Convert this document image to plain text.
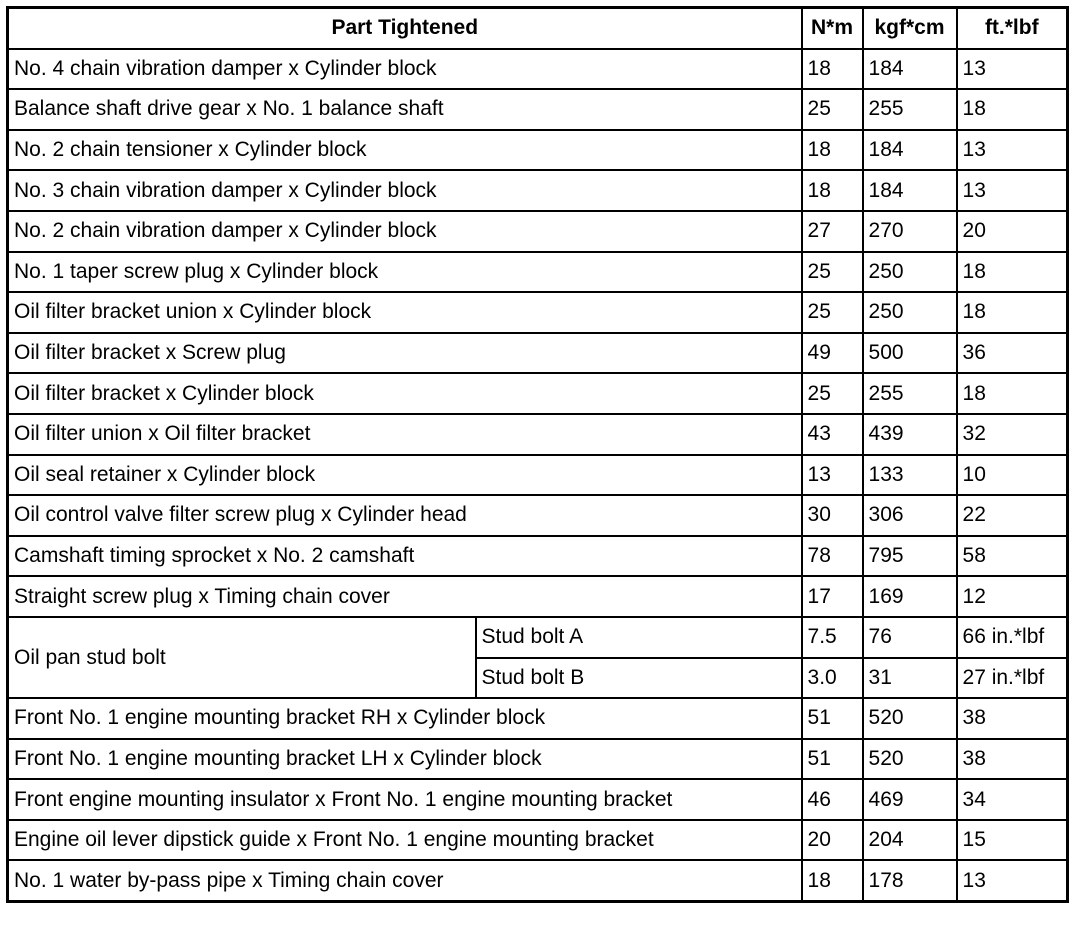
Part Tightened		N*m	kgf*cm	ft.*lbf
No. 4 chain vibration damper x Cylinder block		18	184	13
Balance shaft drive gear x No. 1 balance shaft		25	255	18
No. 2 chain tensioner x Cylinder block		18	184	13
No. 3 chain vibration damper x Cylinder block		18	184	13
No. 2 chain vibration damper x Cylinder block		27	270	20
No. 1 taper screw plug x Cylinder block		25	250	18
Oil filter bracket union x Cylinder block		25	250	18
Oil filter bracket x Screw plug		49	500	36
Oil filter bracket x Cylinder block		25	255	18
Oil filter union x Oil filter bracket		43	439	32
Oil seal retainer x Cylinder block		13	133	10
Oil control valve filter screw plug x Cylinder head		30	306	22
Camshaft timing sprocket x No. 2 camshaft		78	795	58
Straight screw plug x Timing chain cover		17	169	12
Oil pan stud bolt	Stud bolt A	7.5	76	66 in.*lbf
	Stud bolt B	3.0	31	27 in.*lbf
Front No. 1 engine mounting bracket RH x Cylinder block		51	520	38
Front No. 1 engine mounting bracket LH x Cylinder block		51	520	38
Front engine mounting insulator x Front No. 1 engine mounting bracket		46	469	34
Engine oil lever dipstick guide x Front No. 1 engine mounting bracket		20	204	15
No. 1 water by-pass pipe x Timing chain cover		18	178	13
